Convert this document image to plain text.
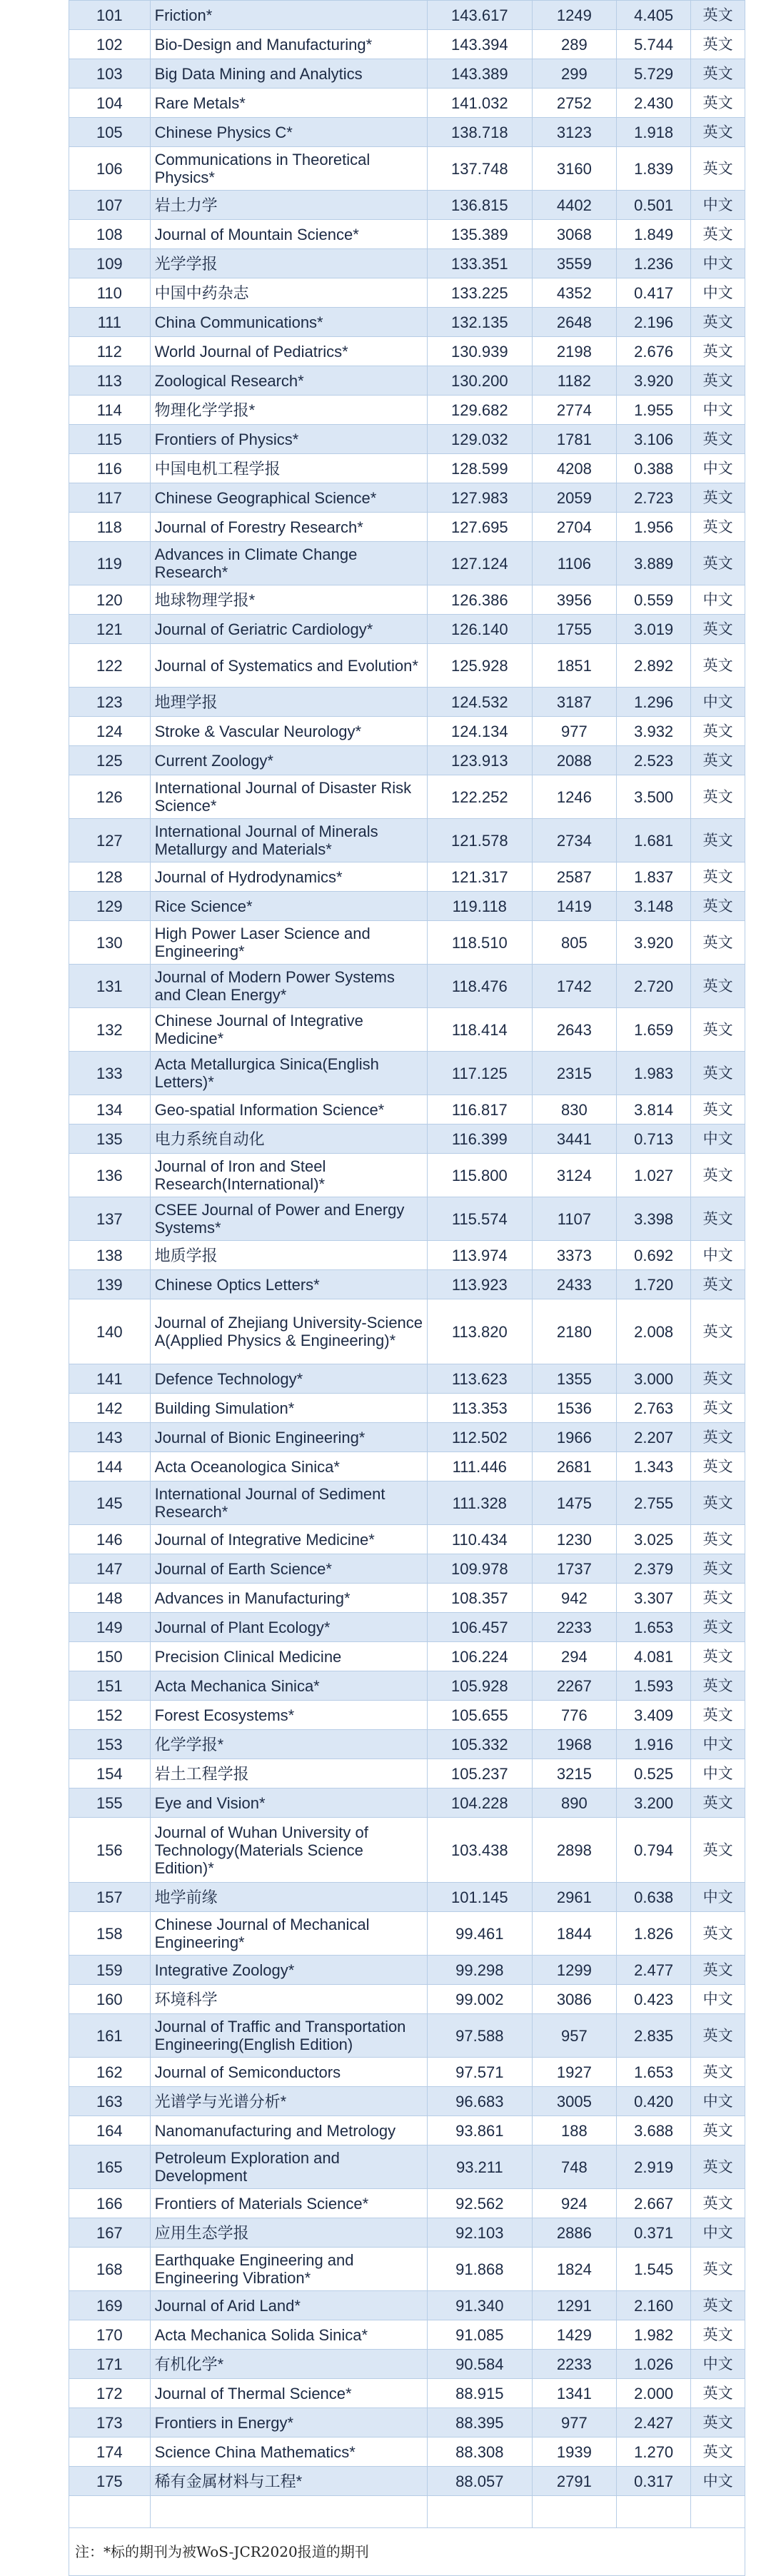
101	Friction*	143.617	1249	4.405	英文
102	Bio-Design and Manufacturing*	143.394	289	5.744	英文
103	Big Data Mining and Analytics	143.389	299	5.729	英文
104	Rare Metals*	141.032	2752	2.430	英文
105	Chinese Physics C*	138.718	3123	1.918	英文
106	Communications in Theoretical Physics*	137.748	3160	1.839	英文
107	岩土力学	136.815	4402	0.501	中文
108	Journal of Mountain Science*	135.389	3068	1.849	英文
109	光学学报	133.351	3559	1.236	中文
110	中国中药杂志	133.225	4352	0.417	中文
111	China Communications*	132.135	2648	2.196	英文
112	World Journal of Pediatrics*	130.939	2198	2.676	英文
113	Zoological Research*	130.200	1182	3.920	英文
114	物理化学学报*	129.682	2774	1.955	中文
115	Frontiers of Physics*	129.032	1781	3.106	英文
116	中国电机工程学报	128.599	4208	0.388	中文
117	Chinese Geographical Science*	127.983	2059	2.723	英文
118	Journal of Forestry Research*	127.695	2704	1.956	英文
119	Advances in Climate Change Research*	127.124	1106	3.889	英文
120	地球物理学报*	126.386	3956	0.559	中文
121	Journal of Geriatric Cardiology*	126.140	1755	3.019	英文
122	Journal of Systematics and Evolution*	125.928	1851	2.892	英文
123	地理学报	124.532	3187	1.296	中文
124	Stroke & Vascular Neurology*	124.134	977	3.932	英文
125	Current Zoology*	123.913	2088	2.523	英文
126	International Journal of Disaster Risk Science*	122.252	1246	3.500	英文
127	International Journal of Minerals Metallurgy and Materials*	121.578	2734	1.681	英文
128	Journal of Hydrodynamics*	121.317	2587	1.837	英文
129	Rice Science*	119.118	1419	3.148	英文
130	High Power Laser Science and Engineering*	118.510	805	3.920	英文
131	Journal of Modern Power Systems and Clean Energy*	118.476	1742	2.720	英文
132	Chinese Journal of Integrative Medicine*	118.414	2643	1.659	英文
133	Acta Metallurgica Sinica(English Letters)*	117.125	2315	1.983	英文
134	Geo-spatial Information Science*	116.817	830	3.814	英文
135	电力系统自动化	116.399	3441	0.713	中文
136	Journal of Iron and Steel Research(International)*	115.800	3124	1.027	英文
137	CSEE Journal of Power and Energy Systems*	115.574	1107	3.398	英文
138	地质学报	113.974	3373	0.692	中文
139	Chinese Optics Letters*	113.923	2433	1.720	英文
140	Journal of Zhejiang University-Science A(Applied Physics & Engineering)*	113.820	2180	2.008	英文
141	Defence Technology*	113.623	1355	3.000	英文
142	Building Simulation*	113.353	1536	2.763	英文
143	Journal of Bionic Engineering*	112.502	1966	2.207	英文
144	Acta Oceanologica Sinica*	111.446	2681	1.343	英文
145	International Journal of Sediment Research*	111.328	1475	2.755	英文
146	Journal of Integrative Medicine*	110.434	1230	3.025	英文
147	Journal of Earth Science*	109.978	1737	2.379	英文
148	Advances in Manufacturing*	108.357	942	3.307	英文
149	Journal of Plant Ecology*	106.457	2233	1.653	英文
150	Precision Clinical Medicine	106.224	294	4.081	英文
151	Acta Mechanica Sinica*	105.928	2267	1.593	英文
152	Forest Ecosystems*	105.655	776	3.409	英文
153	化学学报*	105.332	1968	1.916	中文
154	岩土工程学报	105.237	3215	0.525	中文
155	Eye and Vision*	104.228	890	3.200	英文
156	Journal of Wuhan University of Technology(Materials Science Edition)*	103.438	2898	0.794	英文
157	地学前缘	101.145	2961	0.638	中文
158	Chinese Journal of Mechanical Engineering*	99.461	1844	1.826	英文
159	Integrative Zoology*	99.298	1299	2.477	英文
160	环境科学	99.002	3086	0.423	中文
161	Journal of Traffic and Transportation Engineering(English Edition)	97.588	957	2.835	英文
162	Journal of Semiconductors	97.571	1927	1.653	英文
163	光谱学与光谱分析*	96.683	3005	0.420	中文
164	Nanomanufacturing and Metrology	93.861	188	3.688	英文
165	Petroleum Exploration and Development	93.211	748	2.919	英文
166	Frontiers of Materials Science*	92.562	924	2.667	英文
167	应用生态学报	92.103	2886	0.371	中文
168	Earthquake Engineering and Engineering Vibration*	91.868	1824	1.545	英文
169	Journal of Arid Land*	91.340	1291	2.160	英文
170	Acta Mechanica Solida Sinica*	91.085	1429	1.982	英文
171	有机化学*	90.584	2233	1.026	中文
172	Journal of Thermal Science*	88.915	1341	2.000	英文
173	Frontiers in Energy*	88.395	977	2.427	英文
174	Science China Mathematics*	88.308	1939	1.270	英文
175	稀有金属材料与工程*	88.057	2791	0.317	中文

注：*标的期刊为被WoS-JCR2020报道的期刊					
